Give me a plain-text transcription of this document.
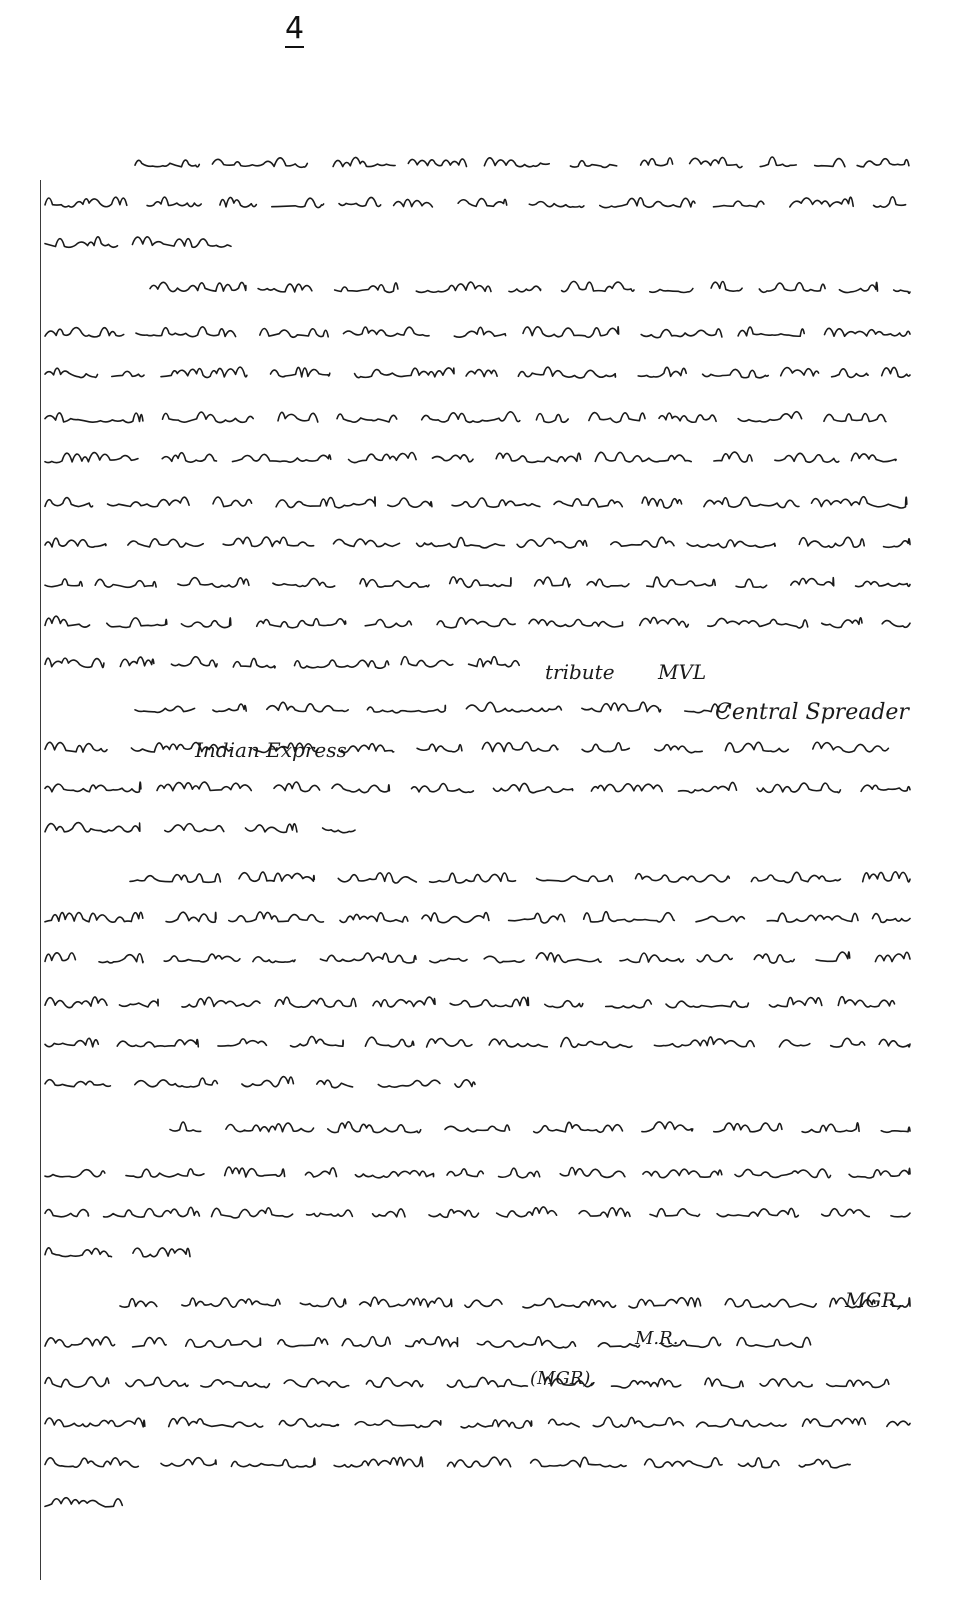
4
tribute MVL
Central Spreader
Indian Express
MGR,
M.R.
(MGR),
